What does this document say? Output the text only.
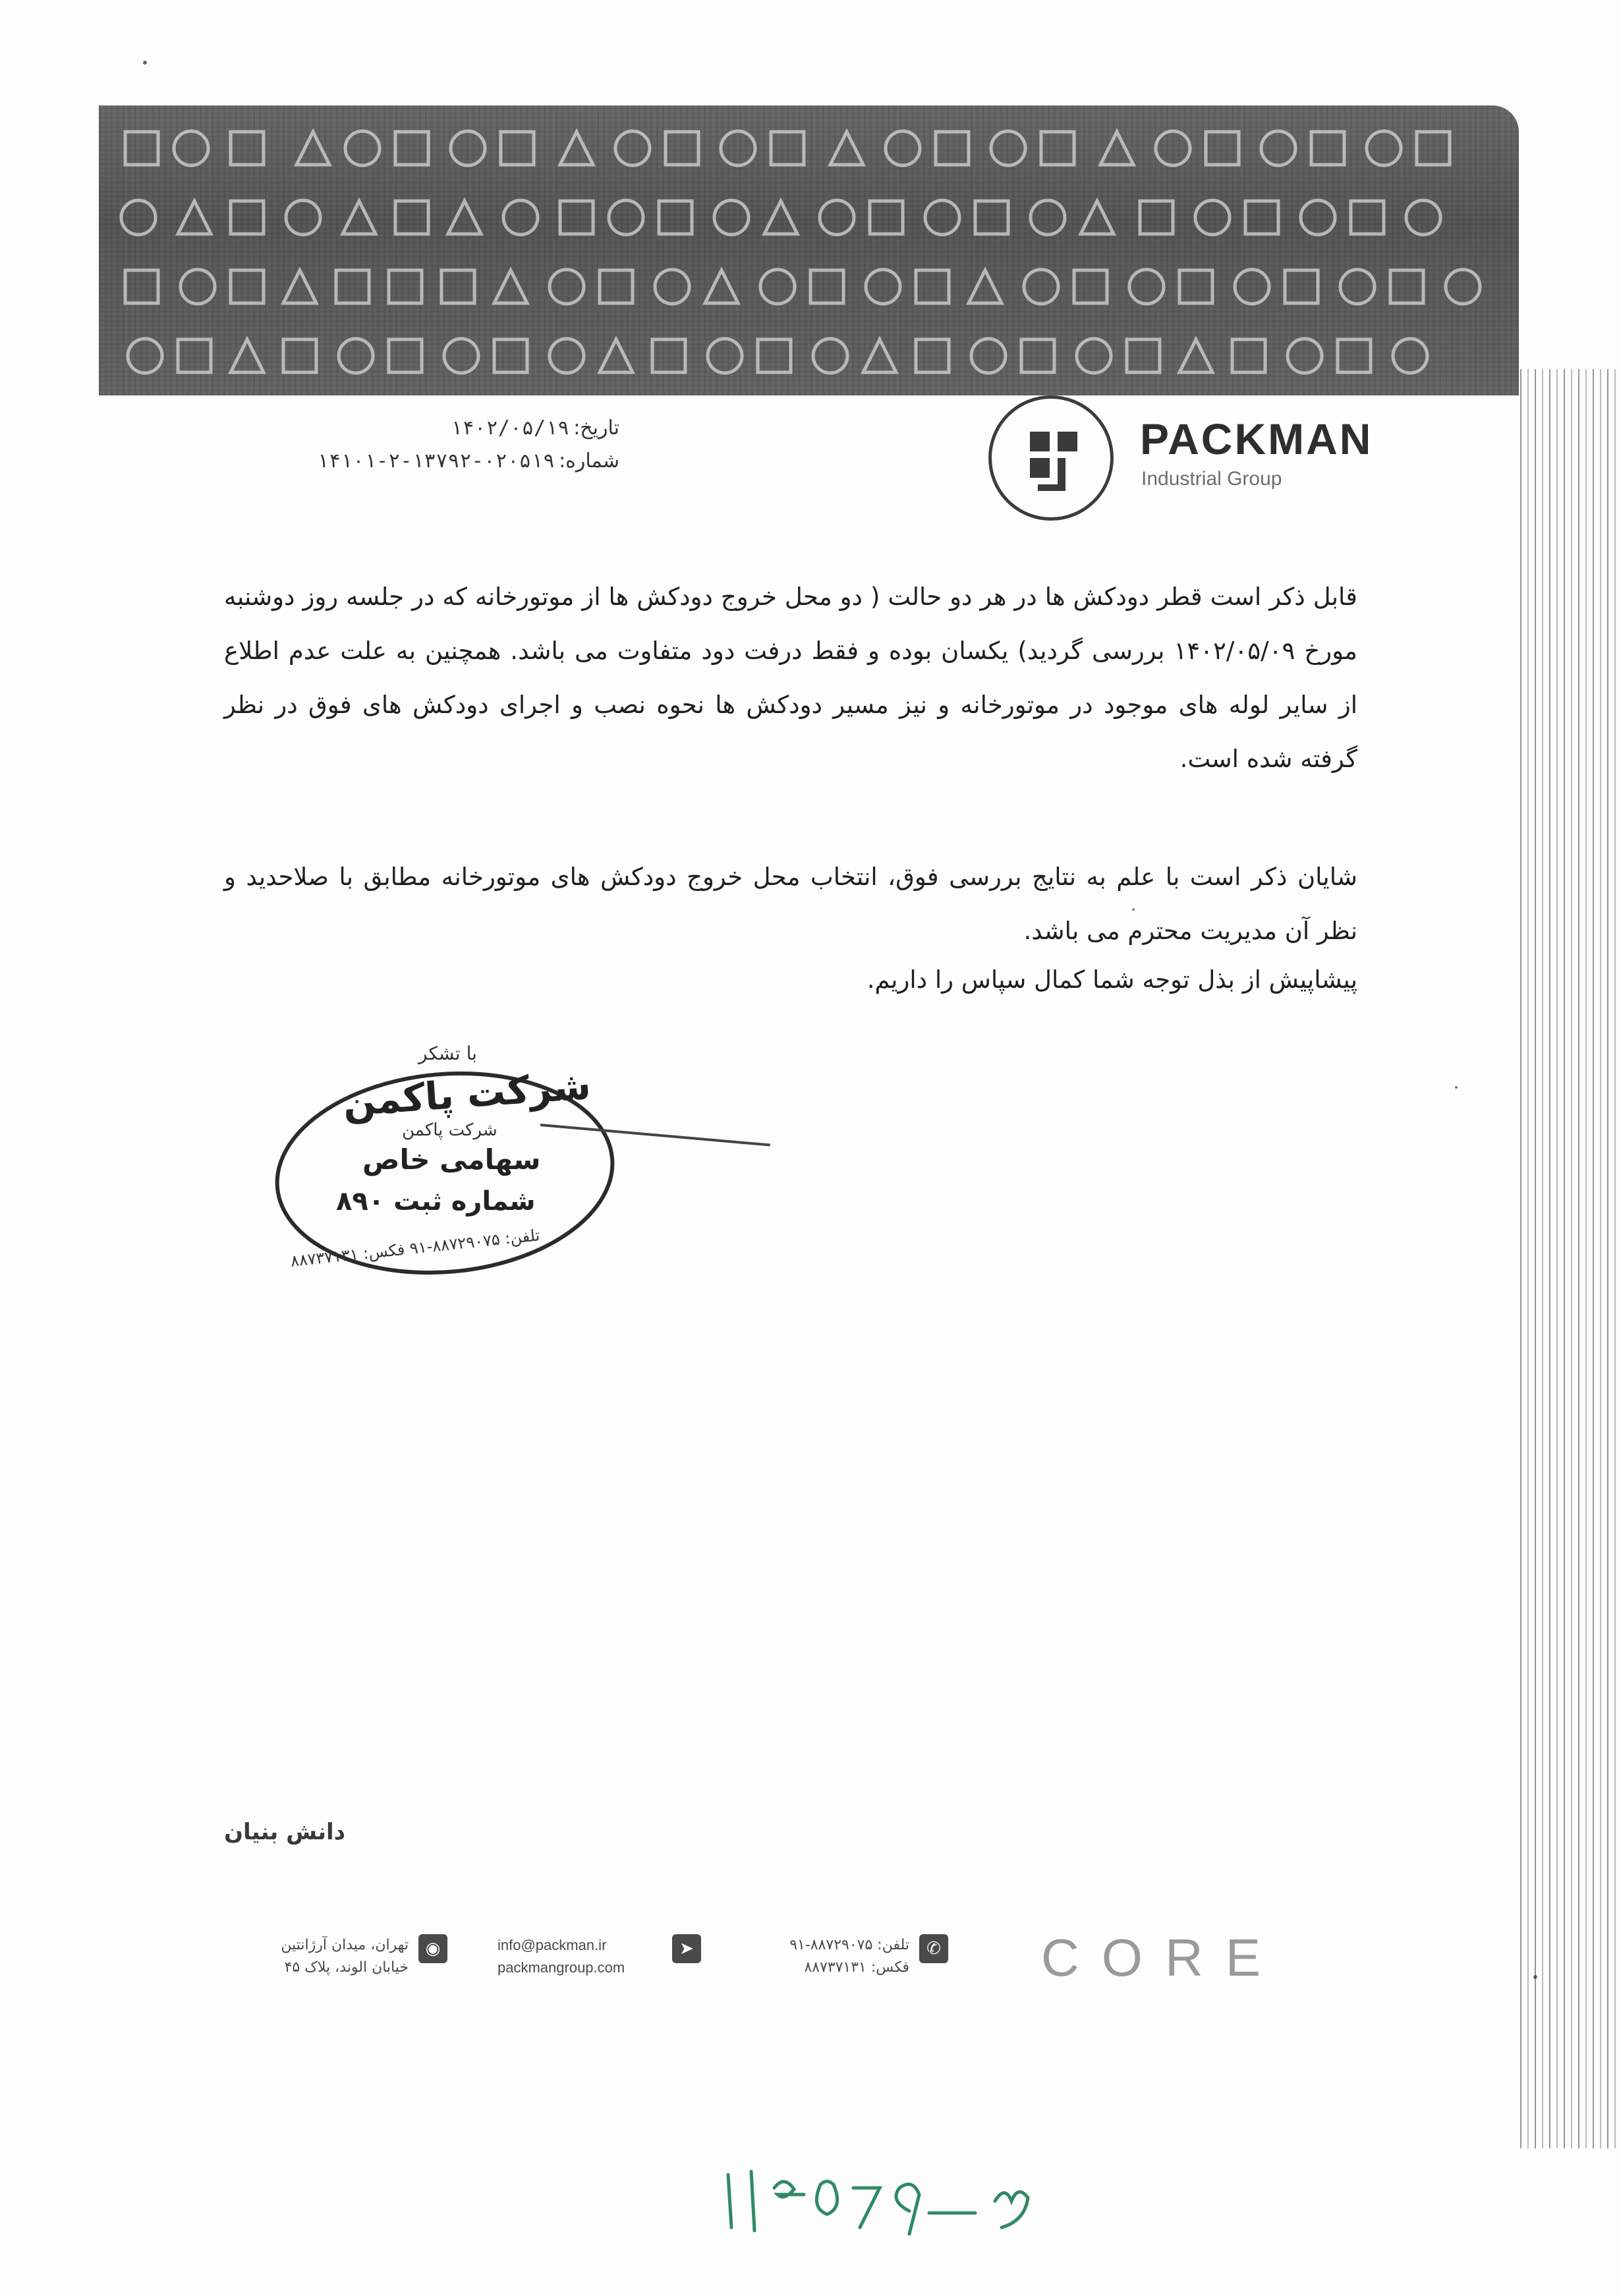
تاریخ:۱۴۰۲/۰۵/۱۹
شماره:۰۲۰۵۱۹-۱۳۷۹۲-۲-۱۴۱۰۱	PACKMAN
Industrial Group
قابل ذکر است قطر دودکش ها در هر دو حالت ( دو محل خروج دودکش ها از موتورخانه که در جلسه روز دوشنبه مورخ ۱۴۰۲/۰۵/۰۹ بررسی گردید) یکسان بوده و فقط درفت دود متفاوت می باشد. همچنین به علت عدم اطلاع از سایر لوله های موجود در موتورخانه و نیز مسیر دودکش ها نحوه نصب و اجرای دودکش های فوق در نظر گرفته شده است.
شایان ذکر است با علم به نتایج بررسی فوق، انتخاب محل خروج دودکش های موتورخانه مطابق با صلاحدید و نظر آن مدیریت محترم می باشد.
پیشاپیش از بذل توجه شما کمال سپاس را داریم.
با تشکر
شرکت پاکمن
شرکت پاکمن
سهامی خاص
شماره ثبت ۸۹۰
تلفن: ۸۸۷۲۹۰۷۵-۹۱ فکس: ۸۸۷۳۷۱۳۱
دانش بنیان
تهران، میدان آرژانتین
خیابان الوند، پلاک ۴۵
◉	info@packman.ir
packmangroup.com
➤	تلفن: ۸۸۷۲۹۰۷۵-۹۱
فکس: ۸۸۷۳۷۱۳۱
✆ CORE
